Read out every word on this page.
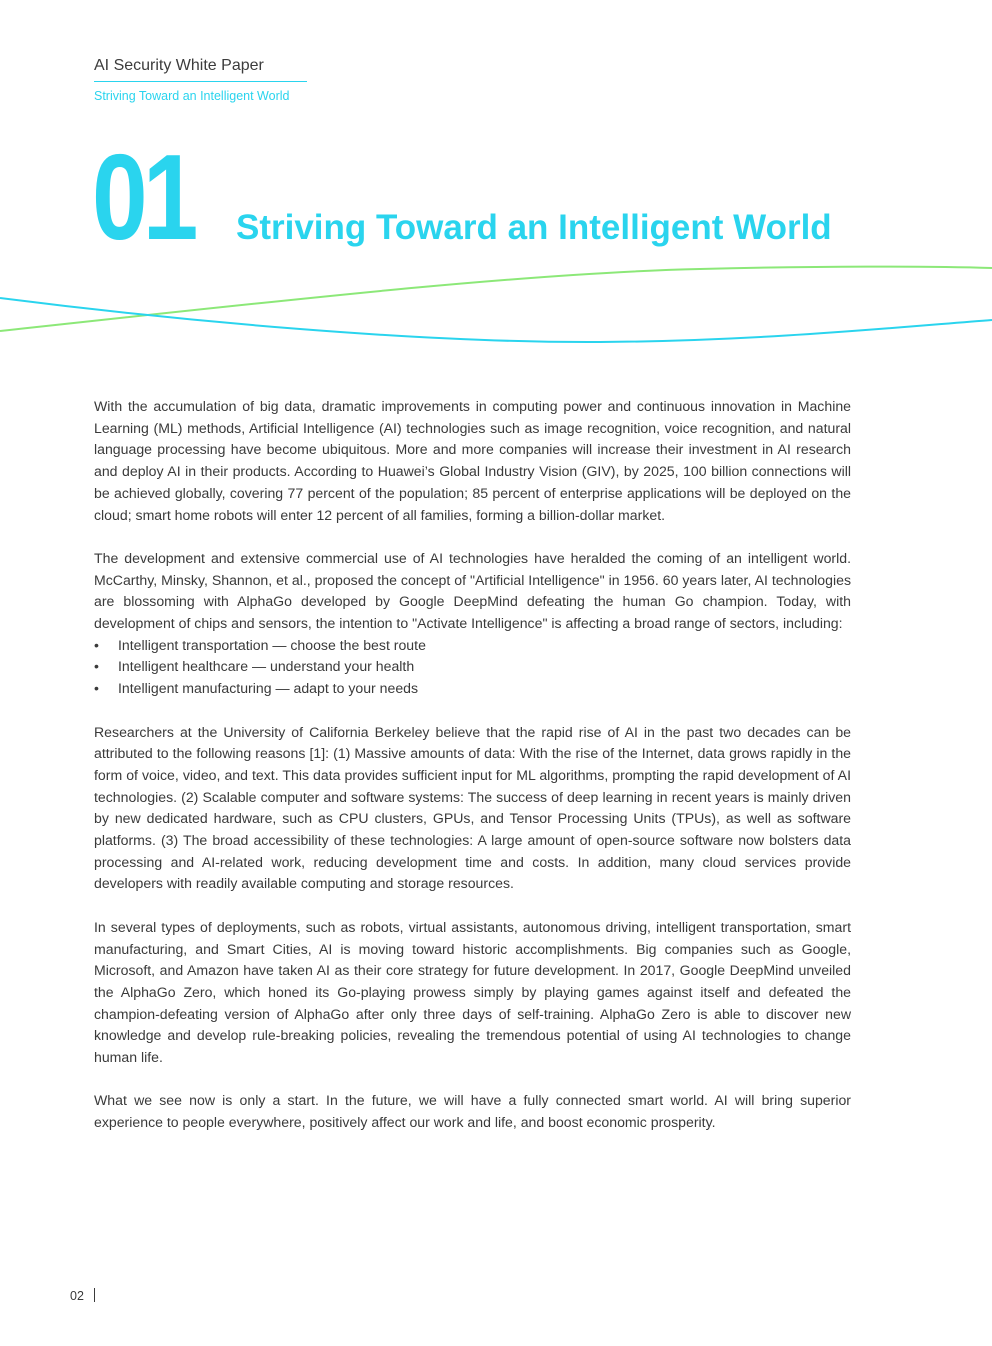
AI Security White Paper
Striving Toward an Intelligent World
01 Striving Toward an Intelligent World

With the accumulation of big data, dramatic improvements in computing power and continuous innovation in Machine Learning (ML) methods, Artificial Intelligence (AI) technologies such as image recognition, voice recognition, and natural language processing have become ubiquitous. More and more companies will increase their investment in AI research and deploy AI in their products. According to Huawei’s Global Industry Vision (GIV), by 2025, 100 billion connections will be achieved globally, covering 77 percent of the population; 85 percent of enterprise applications will be deployed on the cloud; smart home robots will enter 12 percent of all families, forming a billion-dollar market.

The development and extensive commercial use of AI technologies have heralded the coming of an intelligent world. McCarthy, Minsky, Shannon, et al., proposed the concept of "Artificial Intelligence" in 1956. 60 years later, AI technologies are blossoming with AlphaGo developed by Google DeepMind defeating the human Go champion. Today, with development of chips and sensors, the intention to "Activate Intelligence" is affecting a broad range of sectors, including:

• Intelligent transportation — choose the best route
• Intelligent healthcare — understand your health
• Intelligent manufacturing — adapt to your needs

Researchers at the University of California Berkeley believe that the rapid rise of AI in the past two decades can be attributed to the following reasons [1]: (1) Massive amounts of data: With the rise of the Internet, data grows rapidly in the form of voice, video, and text. This data provides sufficient input for ML algorithms, prompting the rapid development of AI technologies. (2) Scalable computer and software systems: The success of deep learning in recent years is mainly driven by new dedicated hardware, such as CPU clusters, GPUs, and Tensor Processing Units (TPUs), as well as software platforms. (3) The broad accessibility of these technologies: A large amount of open-source software now bolsters data processing and AI-related work, reducing development time and costs. In addition, many cloud services provide developers with readily available computing and storage resources.

In several types of deployments, such as robots, virtual assistants, autonomous driving, intelligent transportation, smart manufacturing, and Smart Cities, AI is moving toward historic accomplishments. Big companies such as Google, Microsoft, and Amazon have taken AI as their core strategy for future development. In 2017, Google DeepMind unveiled the AlphaGo Zero, which honed its Go-playing prowess simply by playing games against itself and defeated the champion-defeating version of AlphaGo after only three days of self-training. AlphaGo Zero is able to discover new knowledge and develop rule-breaking policies, revealing the tremendous potential of using AI technologies to change human life.

What we see now is only a start. In the future, we will have a fully connected smart world. AI will bring superior experience to people everywhere, positively affect our work and life, and boost economic prosperity.

02
